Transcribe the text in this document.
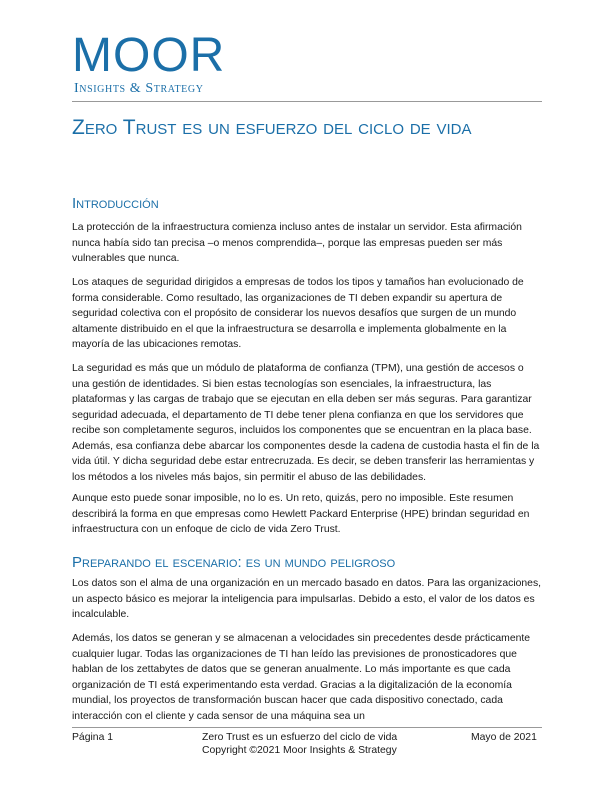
MOOR
Insights & Strategy
Zero Trust es un esfuerzo del ciclo de vida
Introducción

La protección de la infraestructura comienza incluso antes de instalar un servidor. Esta afirmación nunca había sido tan precisa –o menos comprendida–, porque las empresas pueden ser más vulnerables que nunca.

Los ataques de seguridad dirigidos a empresas de todos los tipos y tamaños han evolucionado de forma considerable. Como resultado, las organizaciones de TI deben expandir su apertura de seguridad colectiva con el propósito de considerar los nuevos desafíos que surgen de un mundo altamente distribuido en el que la infraestructura se desarrolla e implementa globalmente en la mayoría de las ubicaciones remotas.

La seguridad es más que un módulo de plataforma de confianza (TPM), una gestión de accesos o una gestión de identidades. Si bien estas tecnologías son esenciales, la infraestructura, las plataformas y las cargas de trabajo que se ejecutan en ella deben ser más seguras. Para garantizar seguridad adecuada, el departamento de TI debe tener plena confianza en que los servidores que recibe son completamente seguros, incluidos los componentes que se encuentran en la placa base. Además, esa confianza debe abarcar los componentes desde la cadena de custodia hasta el fin de la vida útil. Y dicha seguridad debe estar entrecruzada. Es decir, se deben transferir las herramientas y los métodos a los niveles más bajos, sin permitir el abuso de las debilidades.

Aunque esto puede sonar imposible, no lo es. Un reto, quizás, pero no imposible. Este resumen describirá la forma en que empresas como Hewlett Packard Enterprise (HPE) brindan seguridad en infraestructura con un enfoque de ciclo de vida Zero Trust.

Preparando el escenario: es un mundo peligroso

Los datos son el alma de una organización en un mercado basado en datos. Para las organizaciones, un aspecto básico es mejorar la inteligencia para impulsarlas. Debido a esto, el valor de los datos es incalculable.

Además, los datos se generan y se almacenan a velocidades sin precedentes desde prácticamente cualquier lugar. Todas las organizaciones de TI han leído las previsiones de pronosticadores que hablan de los zettabytes de datos que se generan anualmente. Lo más importante es que cada organización de TI está experimentando esta verdad. Gracias a la digitalización de la economía mundial, los proyectos de transformación buscan hacer que cada dispositivo conectado, cada interacción con el cliente y cada sensor de una máquina sea un

Página 1	Zero Trust es un esfuerzo del ciclo de vida	Mayo de 2021
Copyright ©2021 Moor Insights & Strategy
